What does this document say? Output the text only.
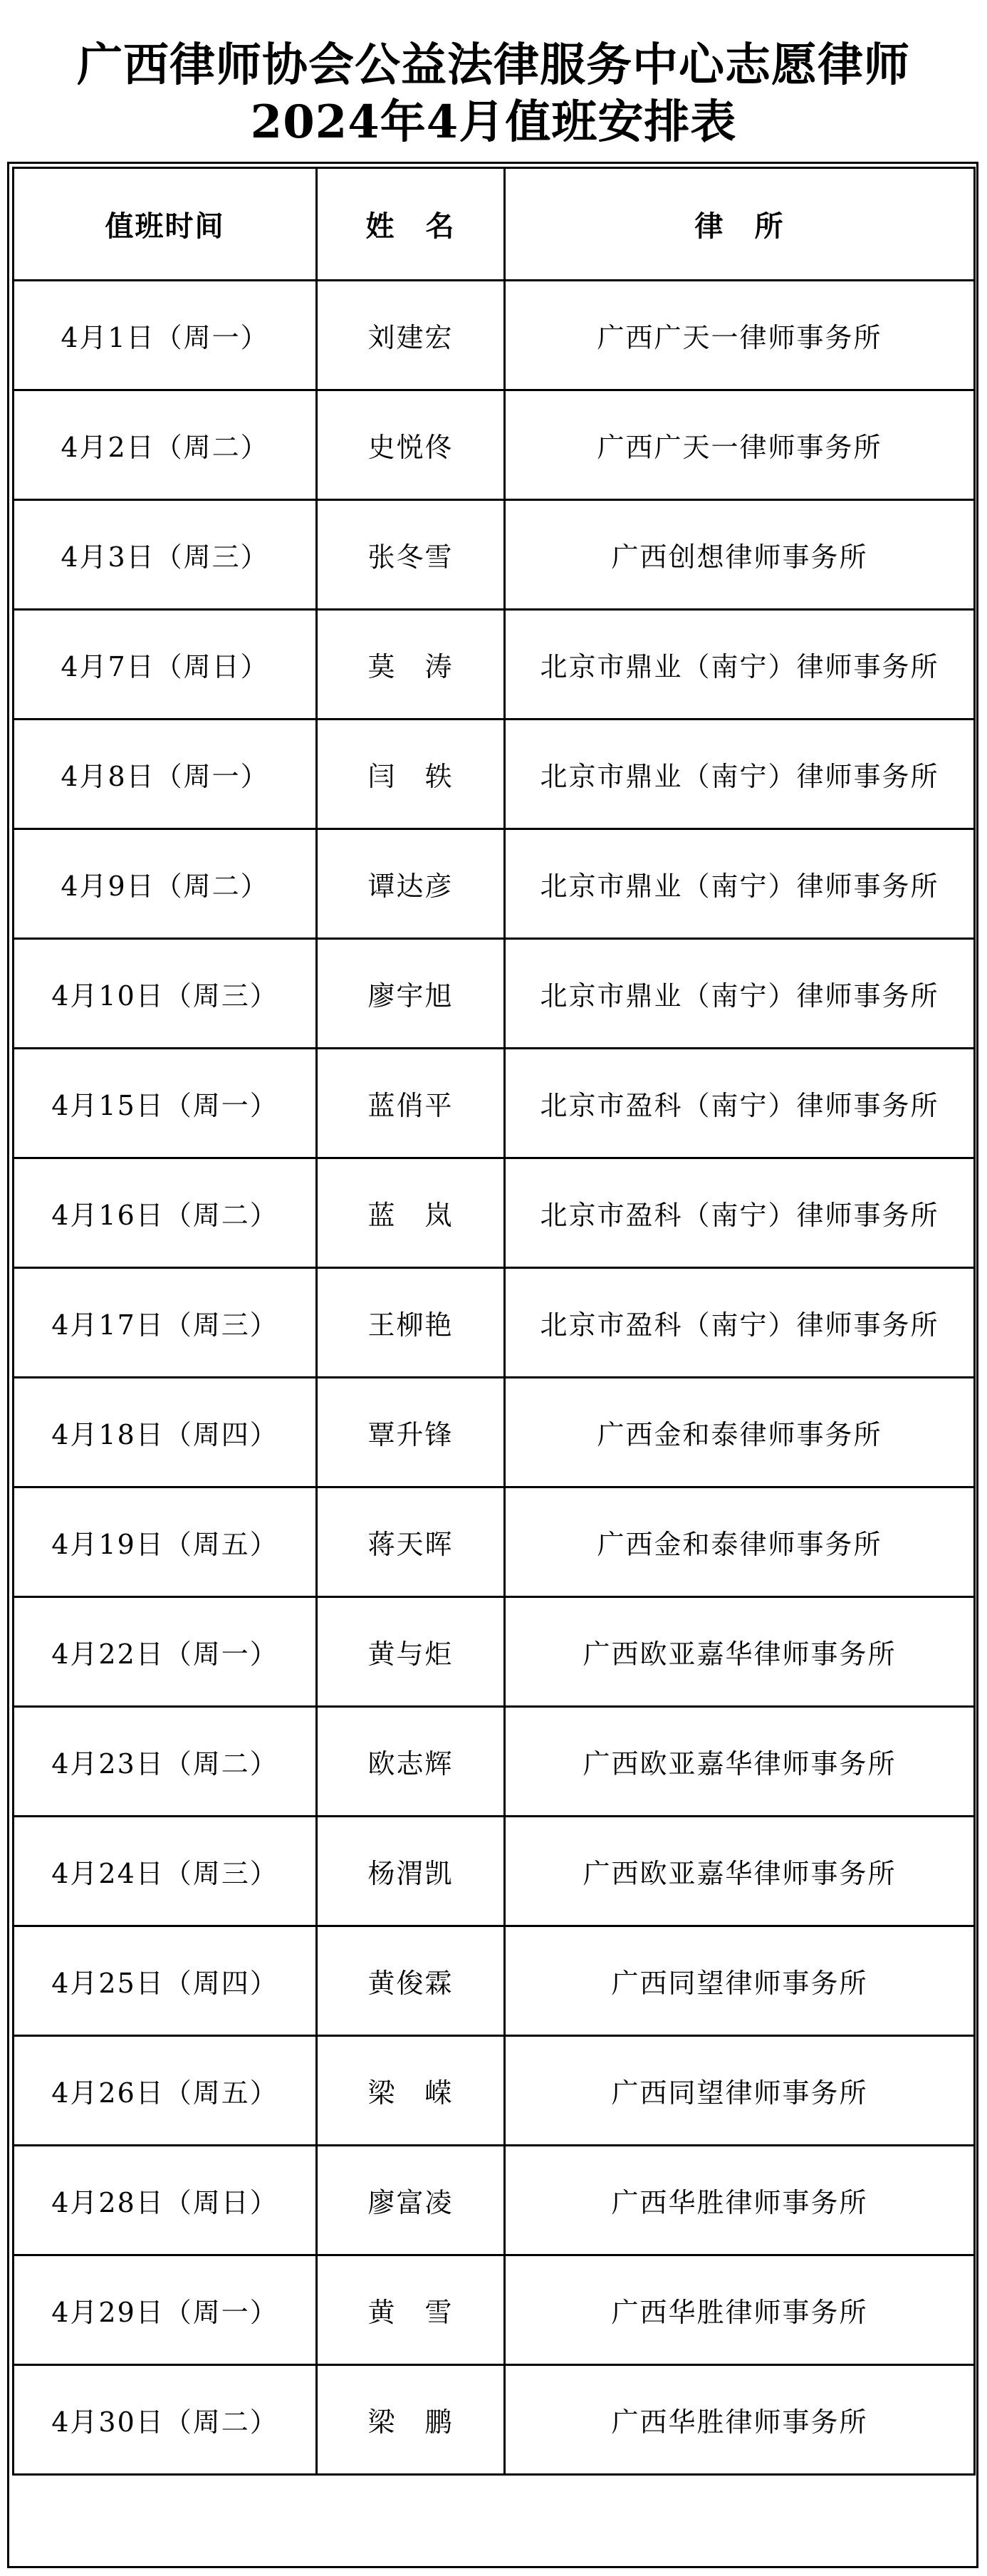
广西律师协会公益法律服务中心志愿律师
2024年4月值班安排表
值班时间	姓　名	律　所
4月1日（周一）	刘建宏	广西广天一律师事务所
4月2日（周二）	史悦佟	广西广天一律师事务所
4月3日（周三）	张冬雪	广西创想律师事务所
4月7日（周日）	莫　涛	北京市鼎业（南宁）律师事务所
4月8日（周一）	闫　轶	北京市鼎业（南宁）律师事务所
4月9日（周二）	谭达彦	北京市鼎业（南宁）律师事务所
4月10日（周三）	廖宇旭	北京市鼎业（南宁）律师事务所
4月15日（周一）	蓝俏平	北京市盈科（南宁）律师事务所
4月16日（周二）	蓝　岚	北京市盈科（南宁）律师事务所
4月17日（周三）	王柳艳	北京市盈科（南宁）律师事务所
4月18日（周四）	覃升锋	广西金和泰律师事务所
4月19日（周五）	蒋天晖	广西金和泰律师事务所
4月22日（周一）	黄与炬	广西欧亚嘉华律师事务所
4月23日（周二）	欧志辉	广西欧亚嘉华律师事务所
4月24日（周三）	杨渭凯	广西欧亚嘉华律师事务所
4月25日（周四）	黄俊霖	广西同望律师事务所
4月26日（周五）	梁　嵘	广西同望律师事务所
4月28日（周日）	廖富凌	广西华胜律师事务所
4月29日（周一）	黄　雪	广西华胜律师事务所
4月30日（周二）	梁　鹏	广西华胜律师事务所
